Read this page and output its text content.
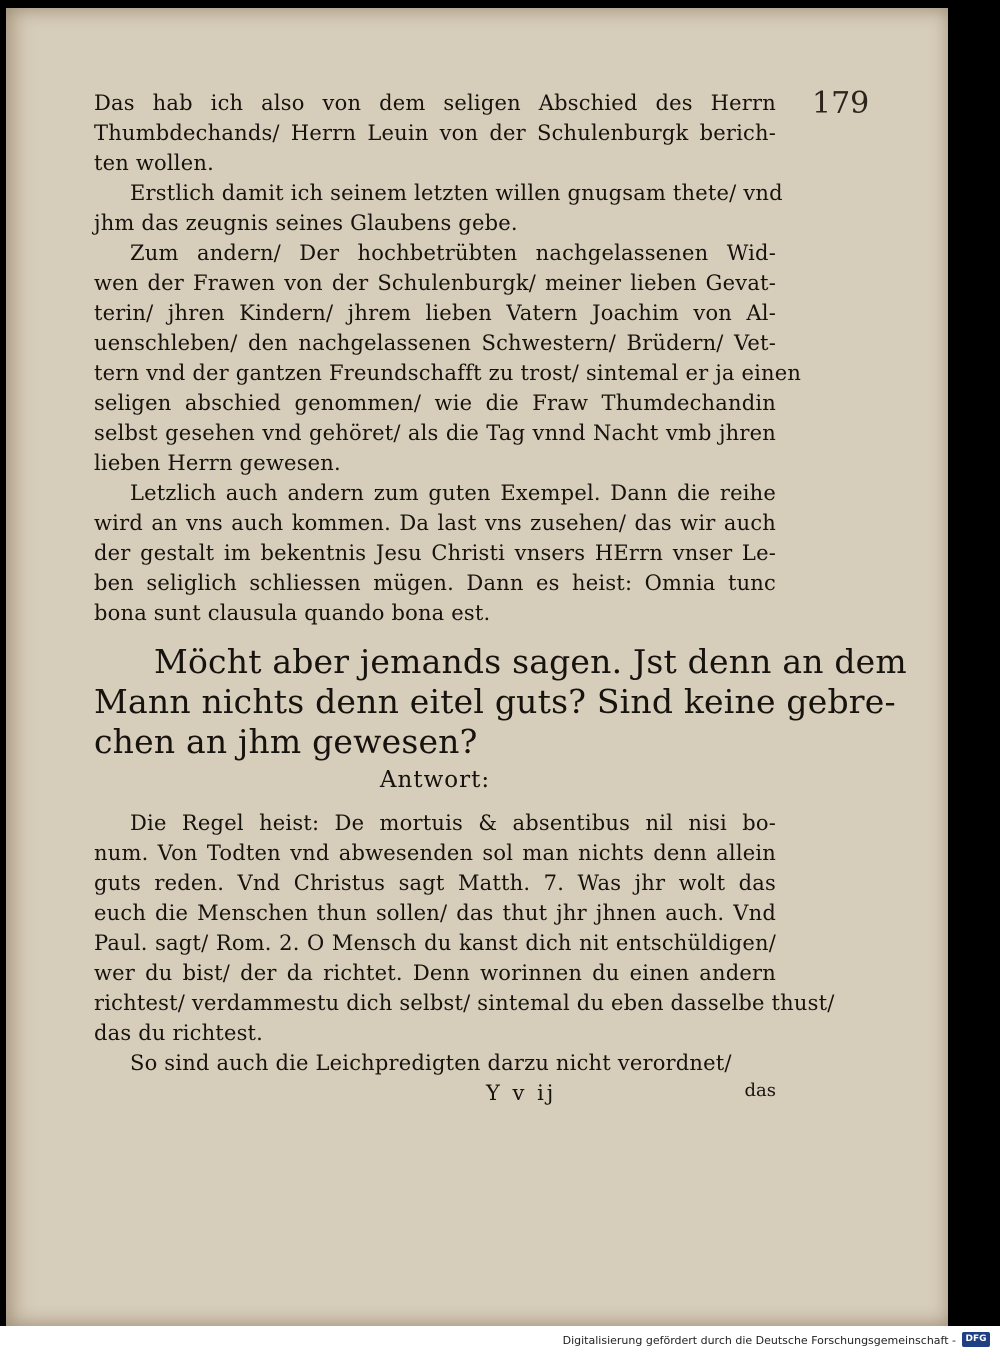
179
Das hab ich also von dem seligen Abschied des Herrn
Thumbdechands/ Herrn Leuin von der Schulenburgk berich-
ten wollen.
Erstlich damit ich seinem letzten willen gnugsam thete/ vnd
jhm das zeugnis seines Glaubens gebe.
Zum andern/ Der hochbetrübten nachgelassenen Wid-
wen der Frawen von der Schulenburgk/ meiner lieben Gevat-
terin/ jhren Kindern/ jhrem lieben Vatern Joachim von Al-
uenschleben/ den nachgelassenen Schwestern/ Brüdern/ Vet-
tern vnd der gantzen Freundschafft zu trost/ sintemal er ja einen
seligen abschied genommen/ wie die Fraw Thumdechandin
selbst gesehen vnd gehöret/ als die Tag vnnd Nacht vmb jhren
lieben Herrn gewesen.
Letzlich auch andern zum guten Exempel. Dann die reihe
wird an vns auch kommen. Da last vns zusehen/ das wir auch
der gestalt im bekentnis Jesu Christi vnsers HErrn vnser Le-
ben seliglich schliessen mügen. Dann es heist: Omnia tunc
bona sunt clausula quando bona est.
Möcht aber jemands sagen. Jst denn an dem
Mann nichts denn eitel guts? Sind keine gebre-
chen an jhm gewesen?
Antwort:
Die Regel heist: De mortuis & absentibus nil nisi bo-
num. Von Todten vnd abwesenden sol man nichts denn allein
guts reden. Vnd Christus sagt Matth. 7. Was jhr wolt das
euch die Menschen thun sollen/ das thut jhr jhnen auch. Vnd
Paul. sagt/ Rom. 2. O Mensch du kanst dich nit entschüldigen/
wer du bist/ der da richtet. Denn worinnen du einen andern
richtest/ verdammestu dich selbst/ sintemal du eben dasselbe thust/
das du richtest.
So sind auch die Leichpredigten darzu nicht verordnet/
Y v ij	das
Digitalisierung gefördert durch die Deutsche Forschungsgemeinschaft -	DFG
